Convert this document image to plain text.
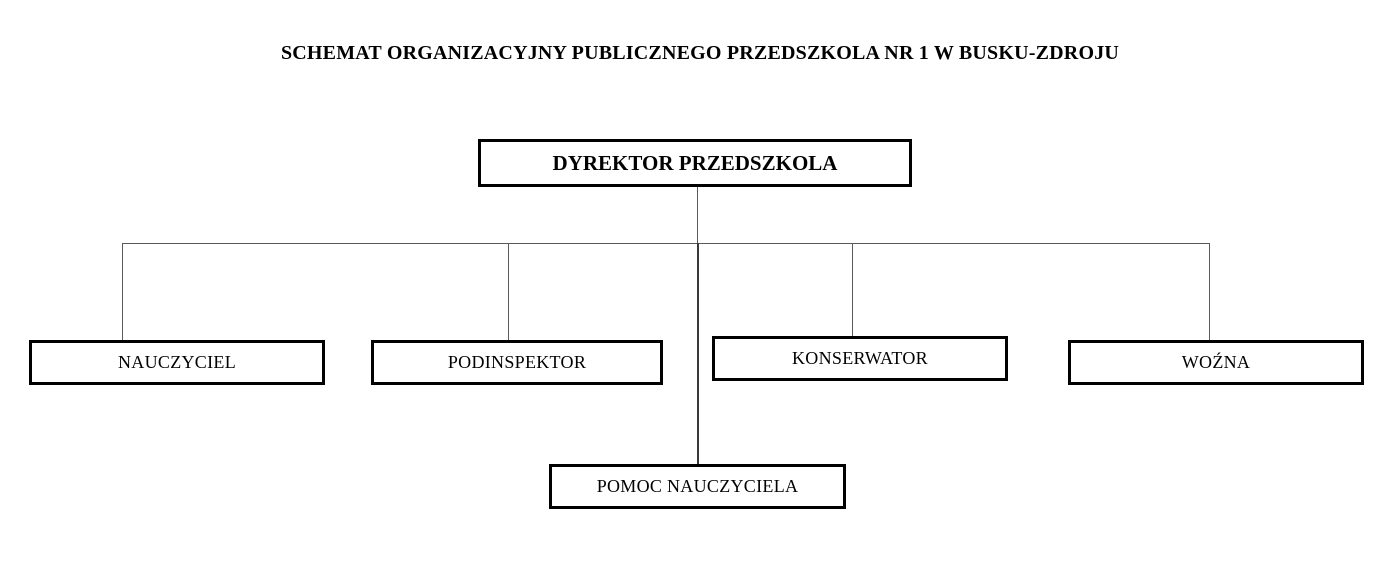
SCHEMAT ORGANIZACYJNY PUBLICZNEGO PRZEDSZKOLA NR 1 W BUSKU-ZDROJU
DYREKTOR PRZEDSZKOLA
NAUCZYCIEL	PODINSPEKTOR	KONSERWATOR	WOŹNA
POMOC NAUCZYCIELA
